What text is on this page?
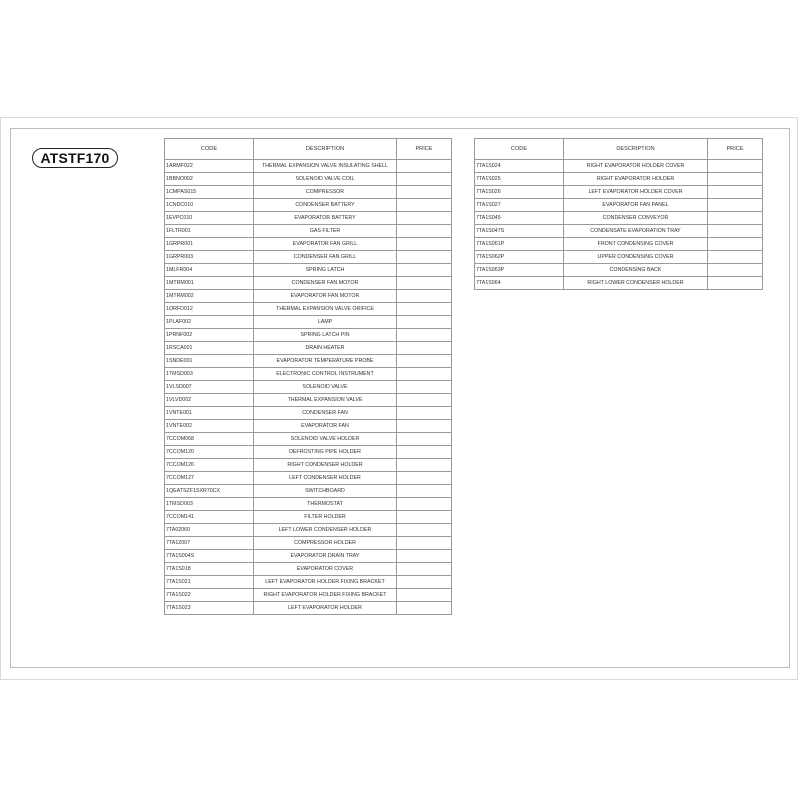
ATSTF170
CODE	DESCRIPTION	PRICE
1ARMF022	THERMAL EXPANSION VALVE INSULATING SHELL	
1BBNO002	SOLENOID VALVE COIL	
1CMPAS015	COMPRESSOR	
1CNDC010	CONDENSER BATTERY	
1EVPC010	EVAPORATOR BATTERY	
1FLTR001	GAS FILTER	
1GRPR001	EVAPORATOR FAN GRILL	
1GRPR003	CONDENSER FAN GRILL	
1MLFR004	SPRING LATCH	
1MTRM001	CONDENSER FAN MOTOR	
1MTRM002	EVAPORATOR FAN MOTOR	
1ORFD012	THERMAL EXPANSION VALVE ORIFICE	
1PLAF002	LAMP	
1PRNF002	SPRING LATCH PIN	
1RSCA001	DRAIN HEATER	
1SNDE001	EVAPORATOR TEMPERATURE PROBE	
1TMSD003	ELECTRONIC CONTROL INSTRUMENT	
1VLSD007	SOLENOID VALVE	
1VLVD002	THERMAL EXPANSION VALVE	
1VNTE001	CONDENSER FAN	
1VNTE002	EVAPORATOR FAN	
7CCOM068	SOLENOID VALVE HOLDER	
7CCOM120	DEFROSTING PIPE HOLDER	
7CCOM126	RIGHT CONDENSER HOLDER	
7CCOM127	LEFT CONDENSER HOLDER	
1QEATSZF1SXR70CX	SWITCHBOARD	
1TMSD003	THERMOSTAT	
7CCOM141	FILTER HOLDER	
7TA02060	LEFT LOWER CONDENSER HOLDER	
7TA12007	COMPRESSOR HOLDER	
7TA1S004S	EVAPORATOR DRAIN TRAY	
7TA1S018	EVAPORATOR COVER	
7TA1S021	LEFT EVAPORATOR HOLDER FIXING BRACKET	
7TA1S022	RIGHT EVAPORATOR HOLDER FIXING BRACKET	
7TA1S023	LEFT EVAPORATOR HOLDER	
CODE	DESCRIPTION	PRICE
7TA1S024	RIGHT EVAPORATOR HOLDER COVER	
7TA1S025	RIGHT EVAPORATOR HOLDER	
7TA1S026	LEFT EVAPORATOR HOLDER COVER	
7TA1S027	EVAPORATOR FAN PANEL	
7TA1S045	CONDENSER CONVEYOR	
7TA1S047S	CONDENSATE EVAPORATION TRAY	
7TA1S061P	FRONT CONDENSING COVER	
7TA1S062P	UPPER CONDENSING COVER	
7TA1S063P	CONDENSING BACK	
7TA1S064	RIGHT LOWER CONDENSER HOLDER	
